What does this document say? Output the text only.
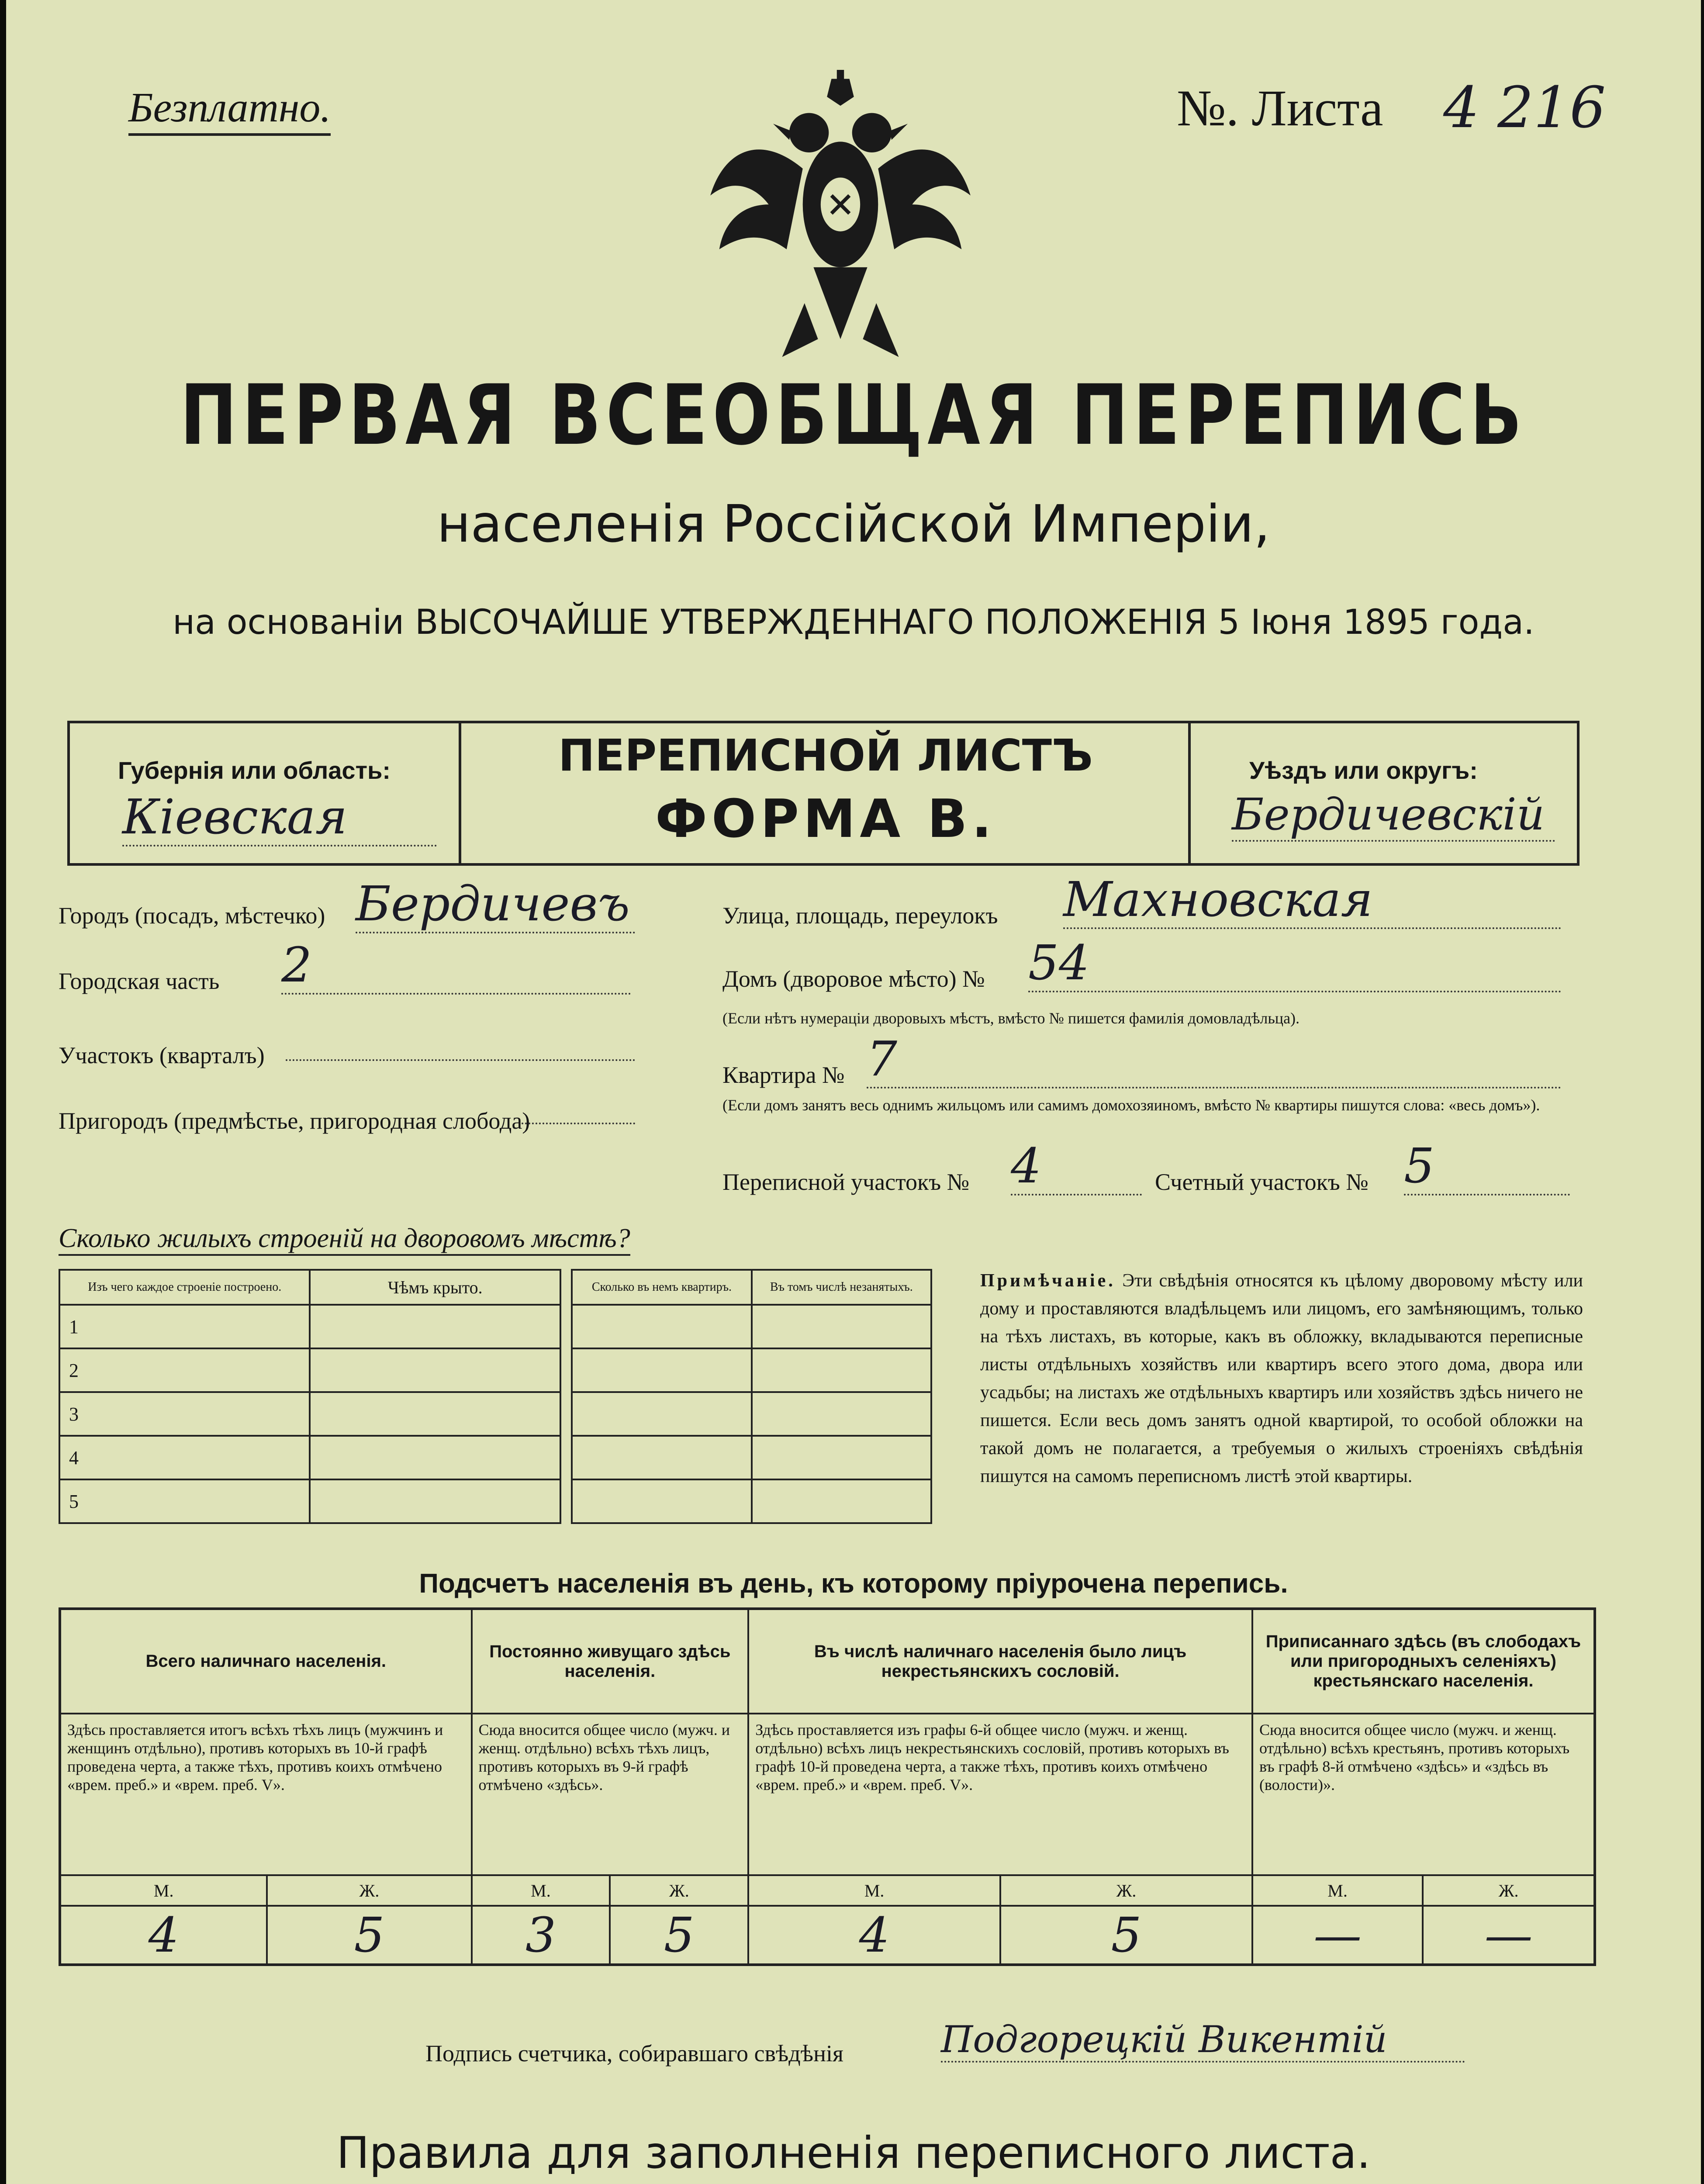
Безплатно.	№. Листа 4 216
ПЕРВАЯ ВСЕОБЩАЯ ПЕРЕПИСЬ
населенія Россійской Имперіи,
на основаніи ВЫСОЧАЙШЕ УТВЕРЖДЕННАГО ПОЛОЖЕНІЯ 5 Іюня 1895 года.
Губернія или область:
Кіевская
ПЕРЕПИСНОЙ ЛИСТЪ
ФОРМА В.
Уѣздъ или округъ:
Бердичевскій
Городъ (посадъ, мѣстечко) Бердичевъ
Городская часть 2
Участокъ (кварталъ)
Пригородъ (предмѣстье, пригородная слобода)
Улица, площадь, переулокъ Махновская
Домъ (дворовое мѣсто) № 54
(Если нѣтъ нумераціи дворовыхъ мѣстъ, вмѣсто № пишется фамилія домовладѣльца).
Квартира № 7
(Если домъ занятъ весь однимъ жильцомъ или самимъ домохозяиномъ, вмѣсто № квартиры пишутся слова: «весь домъ»).
Переписной участокъ № 4	Счетный участокъ № 5
Сколько жилыхъ строеній на дворовомъ мѣстѣ?
Изъ чего каждое строеніе построено.	Чѣмъ крыто.		Сколько въ немъ квартиръ.	Въ томъ числѣ незанятыхъ.
1				
2				
3				
4				
5				
Примѣчаніе. Эти свѣдѣнія относятся къ цѣлому дворовому мѣсту или дому и проставляются владѣльцемъ или лицомъ, его замѣняющимъ, только на тѣхъ листахъ, въ которые, какъ въ обложку, вкладываются переписные листы отдѣльныхъ хозяйствъ или квартиръ всего этого дома, двора или усадьбы; на листахъ же отдѣльныхъ квартиръ или хозяйствъ здѣсь ничего не пишется. Если весь домъ занятъ одной квартирой, то особой обложки на такой домъ не полагается, а требуемыя о жилыхъ строеніяхъ свѣдѣнія пишутся на самомъ переписномъ листѣ этой квартиры.
Подсчетъ населенія въ день, къ которому пріурочена перепись.
Всего наличнаго населенія.		Постоянно живущаго здѣсь населенія.		Въ числѣ наличнаго населенія было лицъ некрестьянскихъ сословій.		Приписаннаго здѣсь (въ слободахъ или пригородныхъ селеніяхъ) крестьянскаго населенія.	
Здѣсь проставляется итогъ всѣхъ тѣхъ лицъ (мужчинъ и женщинъ отдѣльно), противъ которыхъ въ 10-й графѣ проведена черта, а также тѣхъ, противъ коихъ отмѣчено «врем. преб.» и «врем. преб. V».		Сюда вносится общее число (мужч. и женщ. отдѣльно) всѣхъ тѣхъ лицъ, противъ которыхъ въ 9-й графѣ отмѣчено «здѣсь».		Здѣсь проставляется изъ графы 6-й общее число (мужч. и женщ. отдѣльно) всѣхъ лицъ некрестьянскихъ сословій, противъ которыхъ въ графѣ 10-й проведена черта, а также тѣхъ, противъ коихъ отмѣчено «врем. преб.» и «врем. преб. V».		Сюда вносится общее число (мужч. и женщ. отдѣльно) всѣхъ крестьянъ, противъ которыхъ въ графѣ 8-й отмѣчено «здѣсь» и «здѣсь въ (волости)».	
М.	Ж.	М.	Ж.	М.	Ж.	М.	Ж.
4	5	3	5	4	5	—	—
Подпись счетчика, собиравшаго свѣдѣнія	Подгорецкій Викентій
Правила для заполненія переписного листа.
